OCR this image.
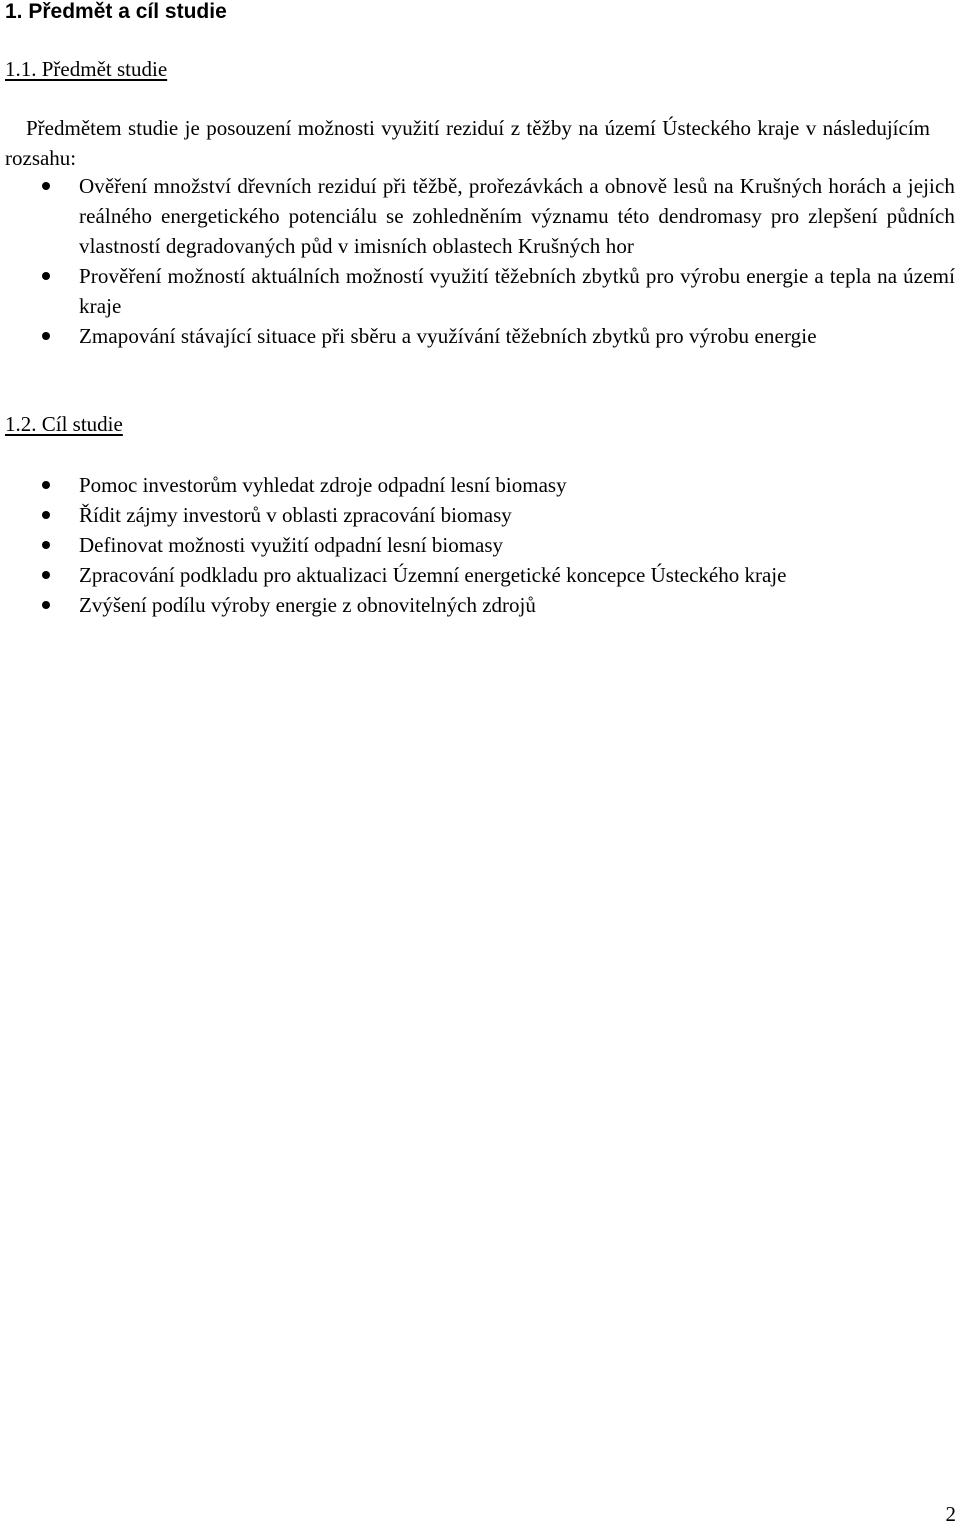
1. Předmět a cíl studie
1.1. Předmět studie

Předmětem studie je posouzení možnosti využití reziduí z těžby na území Ústeckého kraje v následujícím rozsahu:

Ověření množství dřevních reziduí při těžbě, prořezávkách a obnově lesů na Krušných horách a jejich reálného energetického potenciálu se zohledněním významu této dendromasy pro zlepšení půdních vlastností degradovaných půd v imisních oblastech Krušných hor
Prověření možností aktuálních možností využití těžebních zbytků pro výrobu energie a tepla na území kraje
Zmapování stávající situace při sběru a využívání těžebních zbytků pro výrobu energie
1.2. Cíl studie
Pomoc investorům vyhledat zdroje odpadní lesní biomasy
Řídit zájmy investorů v oblasti zpracování biomasy
Definovat možnosti využití odpadní lesní biomasy
Zpracování podkladu pro aktualizaci Územní energetické koncepce Ústeckého kraje
Zvýšení podílu výroby energie z obnovitelných zdrojů

2
